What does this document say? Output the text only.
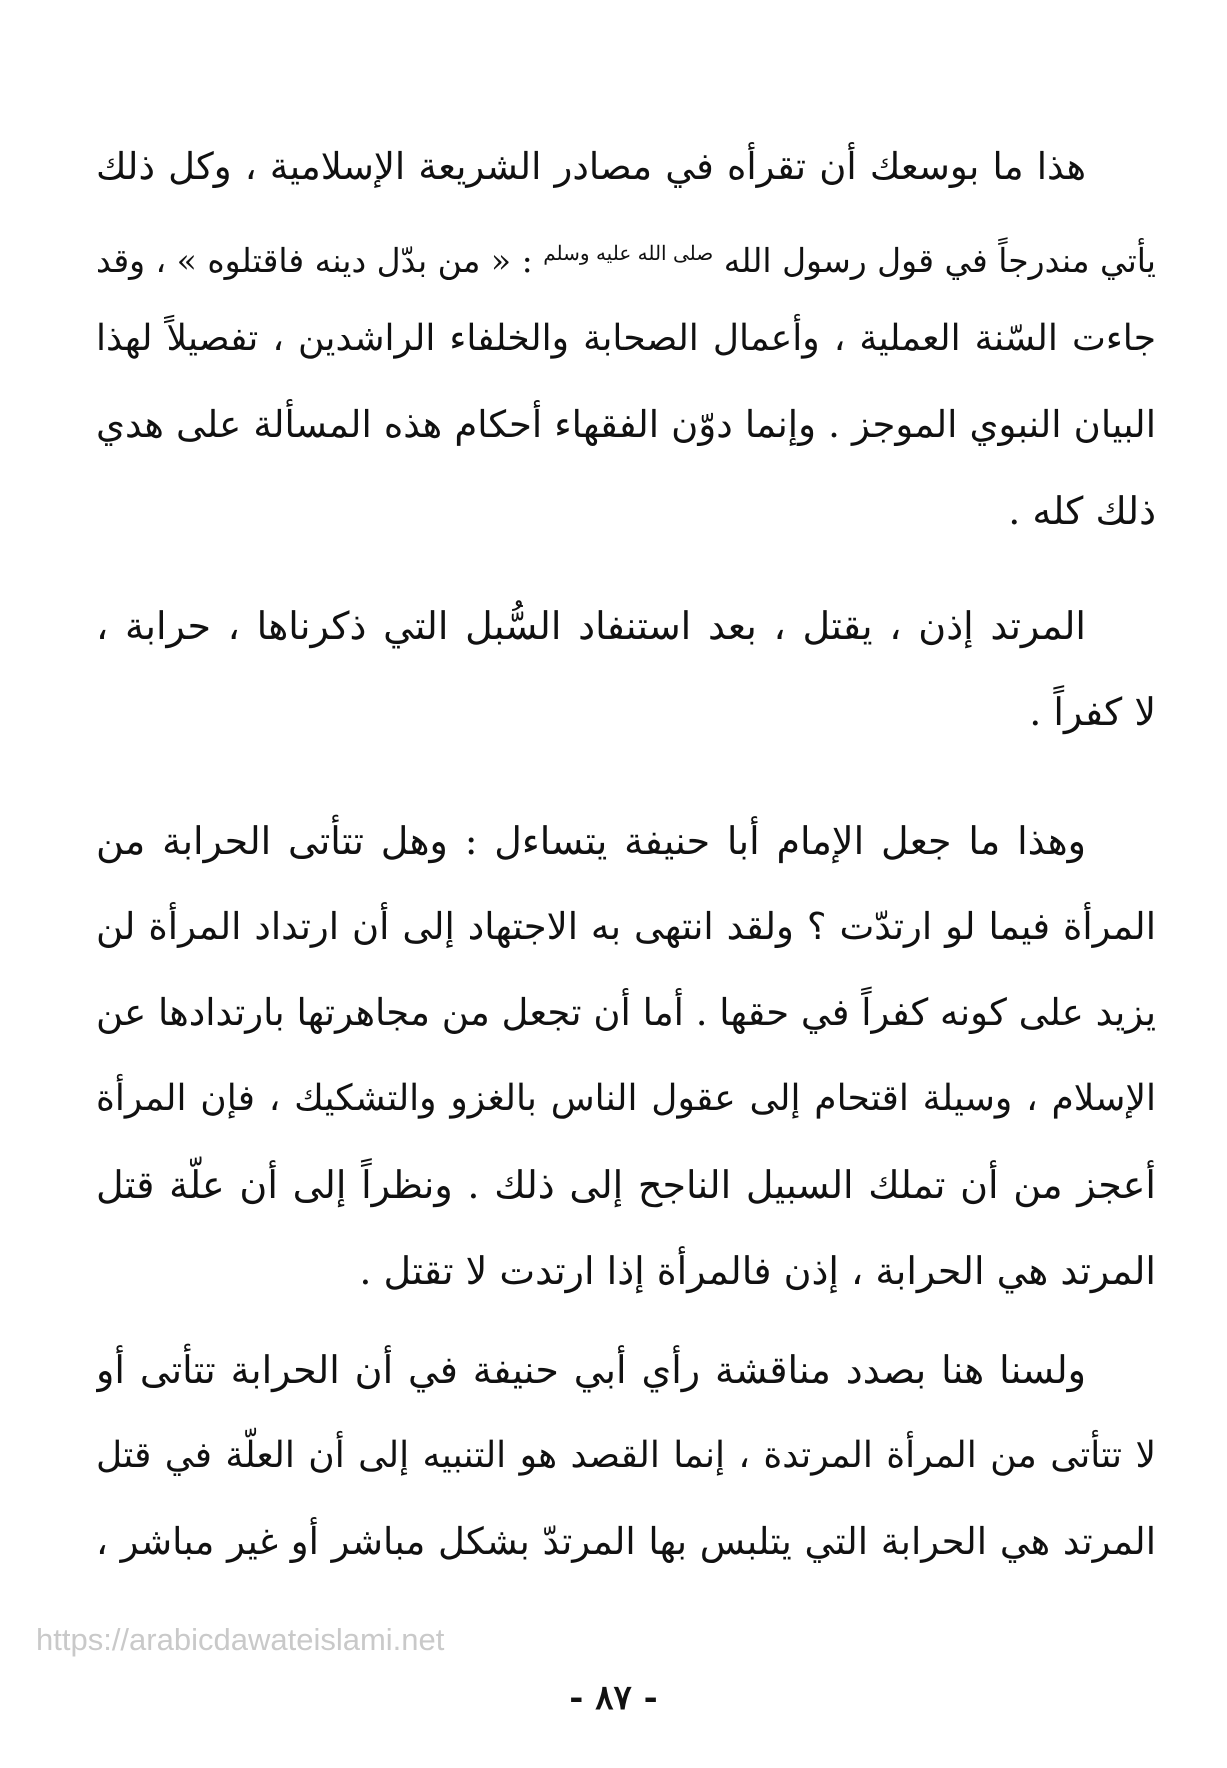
هذا ما بوسعك أن تقرأه في مصادر الشريعة الإسلامية ، وكل ذلك
يأتي مندرجاً في قول رسول الله $^{صلى الله عليه وسلم}$ : « من بدّل دينه فاقتلوه » ، وقد
جاءت السّنة العملية ، وأعمال الصحابة والخلفاء الراشدين ، تفصيلاً لهذا
البيان النبوي الموجز . وإنما دوّن الفقهاء أحكام هذه المسألة على هدي
ذلك كله .
المرتد إذن ، يقتل ، بعد استنفاد السُّبل التي ذكرناها ، حرابة ،
لا كفراً .
وهذا ما جعل الإمام أبا حنيفة يتساءل : وهل تتأتى الحرابة من
المرأة فيما لو ارتدّت ؟ ولقد انتهى به الاجتهاد إلى أن ارتداد المرأة لن
يزيد على كونه كفراً في حقها . أما أن تجعل من مجاهرتها بارتدادها عن
الإسلام ، وسيلة اقتحام إلى عقول الناس بالغزو والتشكيك ، فإن المرأة
أعجز من أن تملك السبيل الناجح إلى ذلك . ونظراً إلى أن علّة قتل
المرتد هي الحرابة ، إذن فالمرأة إذا ارتدت لا تقتل .
ولسنا هنا بصدد مناقشة رأي أبي حنيفة في أن الحرابة تتأتى أو
لا تتأتى من المرأة المرتدة ، إنما القصد هو التنبيه إلى أن العلّة في قتل
المرتد هي الحرابة التي يتلبس بها المرتدّ بشكل مباشر أو غير مباشر ،
https://arabicdawateislami.net
- ٨٧ -
